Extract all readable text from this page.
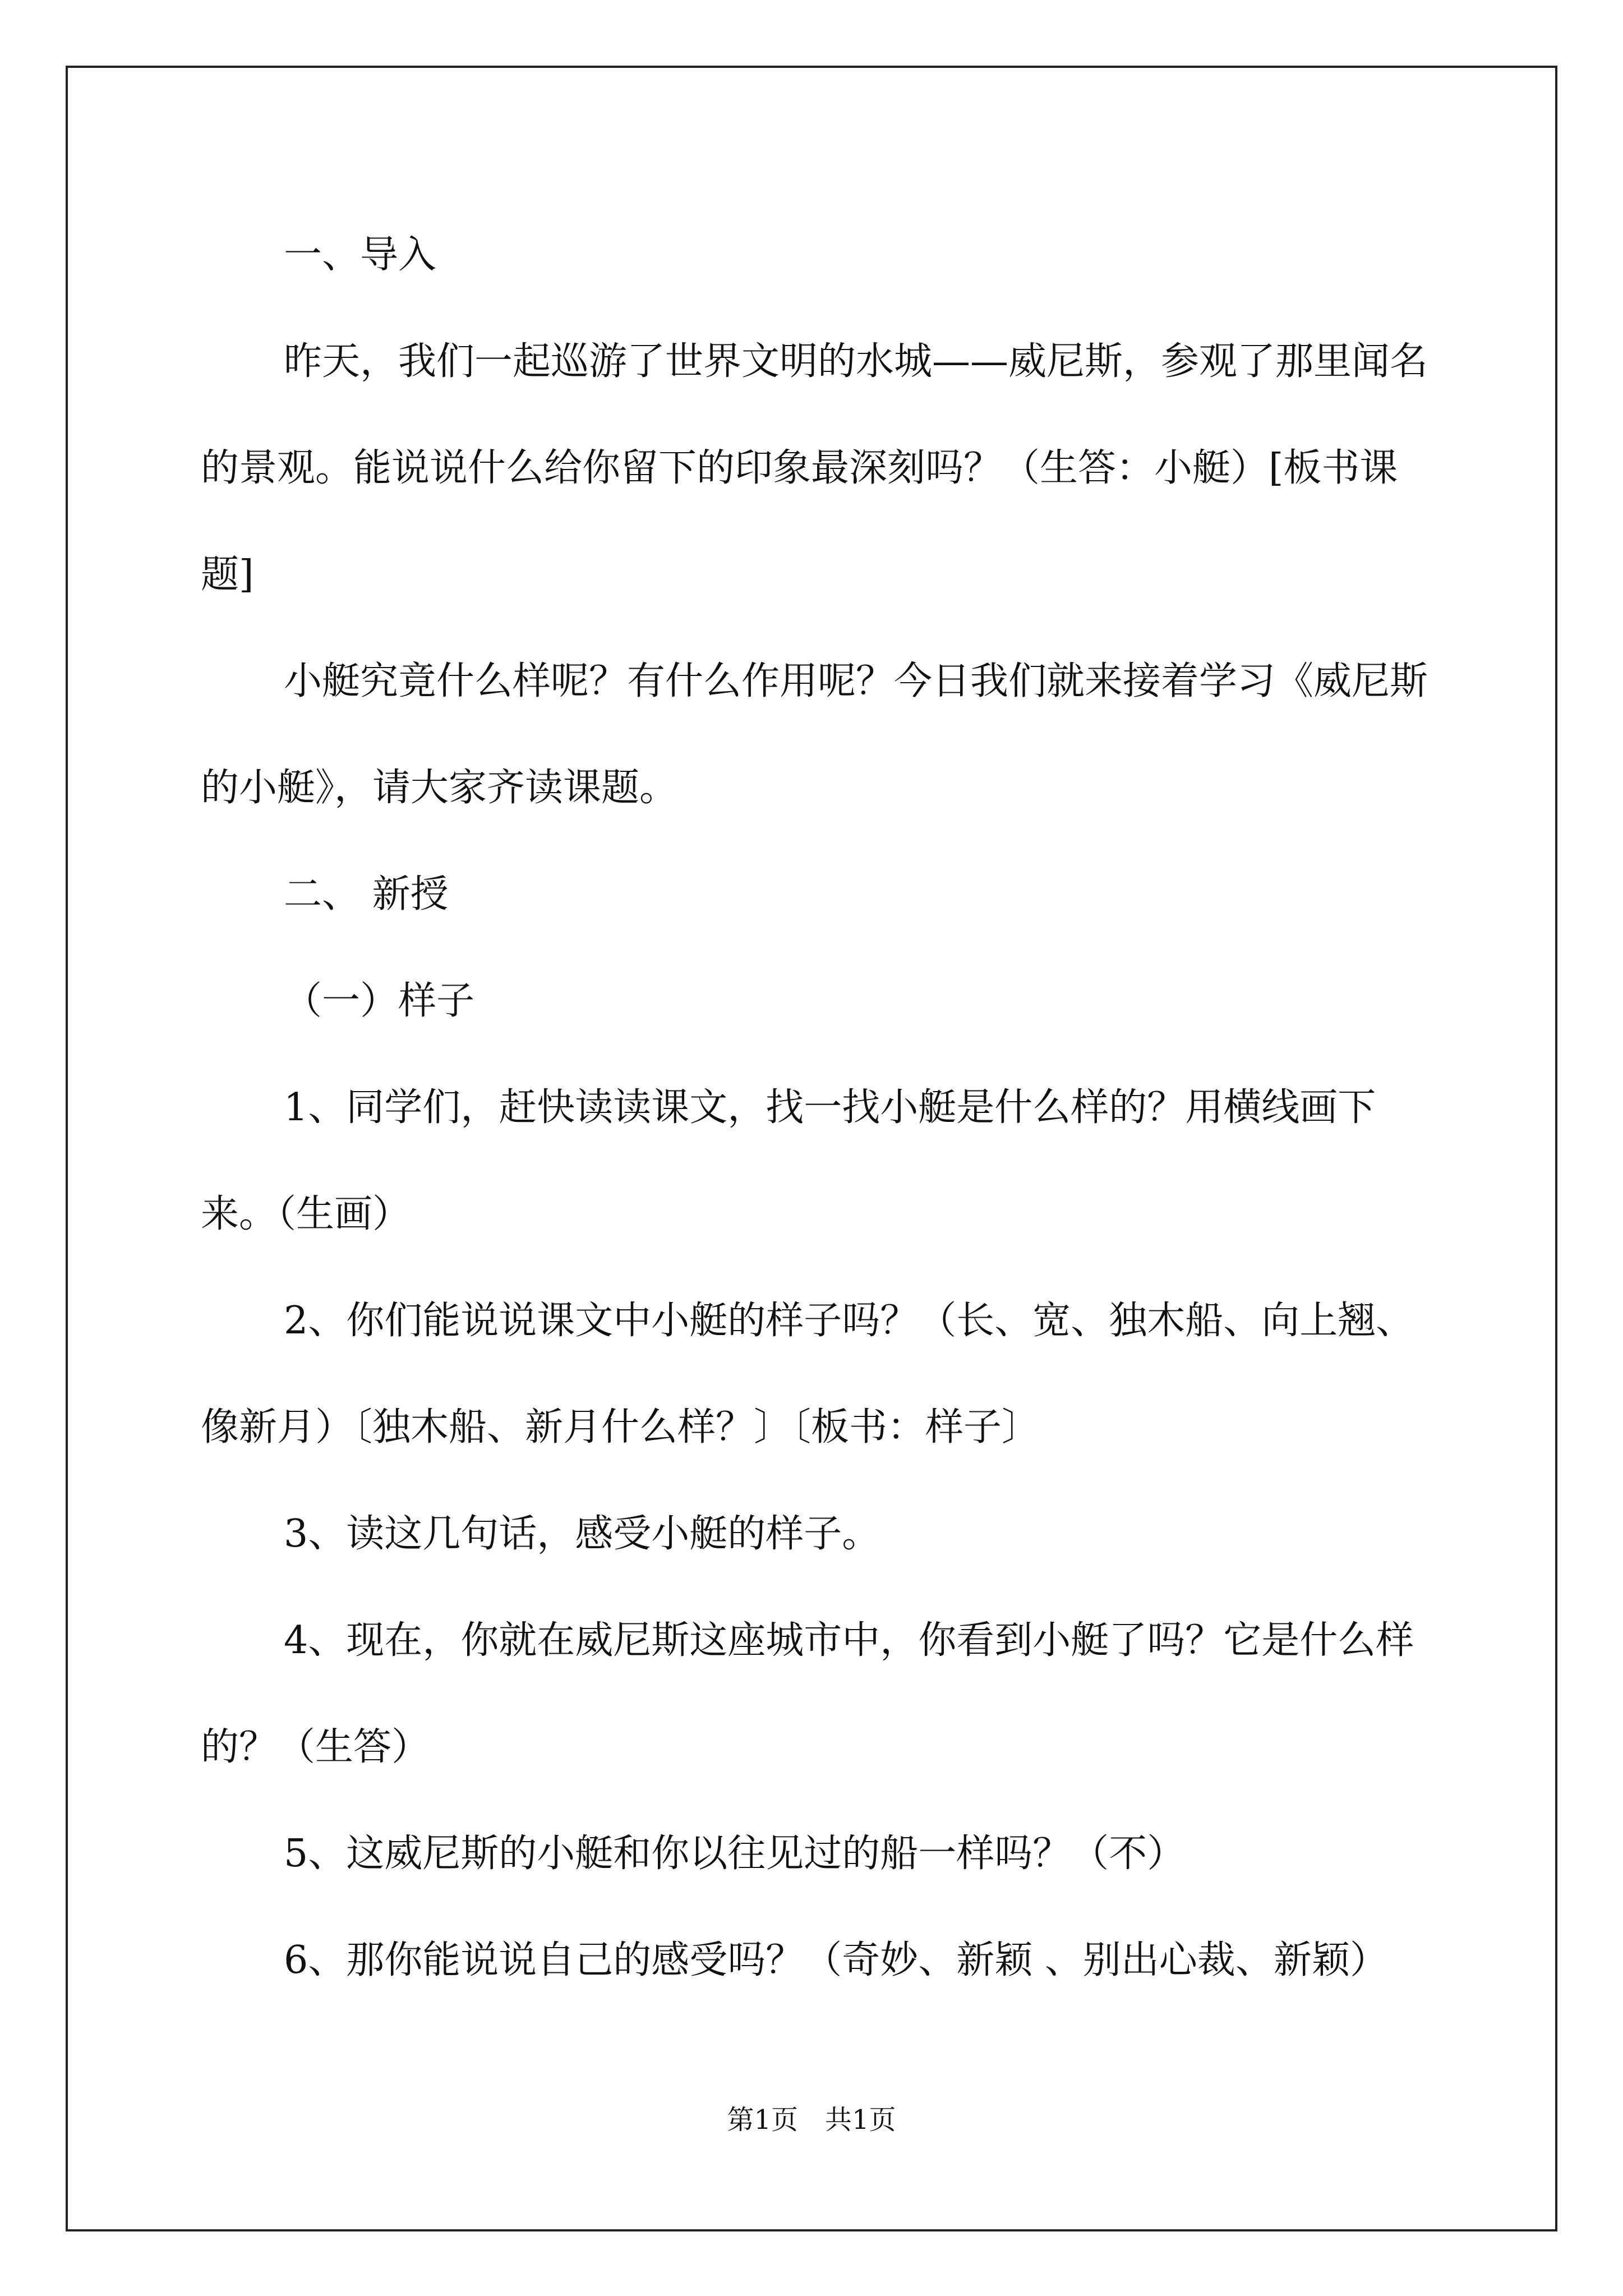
一、导入

昨天，我们一起巡游了世界文明的水城——威尼斯，参观了那里闻名的景观。能说说什么给你留下的印象最深刻吗？（生答：小艇）[板书课题]

小艇究竟什么样呢？有什么作用呢？今日我们就来接着学习《威尼斯的小艇》，请大家齐读课题。

二、 新授

（一）样子

1、同学们，赶快读读课文，找一找小艇是什么样的？用横线画下来。（生画）

2、你们能说说课文中小艇的样子吗？（长、宽、独木船、向上翘、像新月）〔独木船、新月什么样？〕〔板书：样子〕

3、读这几句话，感受小艇的样子。

4、现在，你就在威尼斯这座城市中，你看到小艇了吗？它是什么样的？（生答）

5、这威尼斯的小艇和你以往见过的船一样吗？（不）

6、那你能说说自己的感受吗？（奇妙、新颖 、别出心裁、新颖）

第1页　共1页
